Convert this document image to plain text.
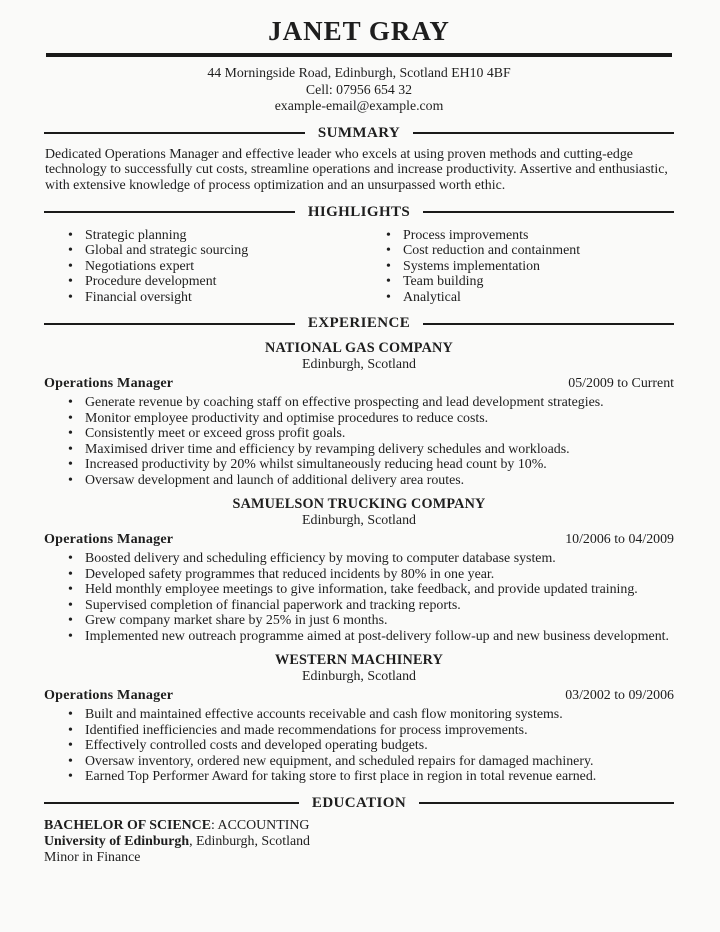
JANET GRAY
44 Morningside Road, Edinburgh, Scotland EH10 4BF
Cell: 07956 654 32
example-email@example.com
SUMMARY

Dedicated Operations Manager and effective leader who excels at using proven methods and cutting-edge technology to successfully cut costs, streamline operations and increase productivity. Assertive and enthusiastic, with extensive knowledge of process optimization and an unsurpassed worth ethic.

HIGHLIGHTS
• Strategic planning
• Global and strategic sourcing
• Negotiations expert
• Procedure development
• Financial oversight
• Process improvements
• Cost reduction and containment
• Systems implementation
• Team building
• Analytical
EXPERIENCE
NATIONAL GAS COMPANY
Edinburgh, Scotland
Operations Manager	05/2009 to Current
• Generate revenue by coaching staff on effective prospecting and lead development strategies.
• Monitor employee productivity and optimise procedures to reduce costs.
• Consistently meet or exceed gross profit goals.
• Maximised driver time and efficiency by revamping delivery schedules and workloads.
• Increased productivity by 20% whilst simultaneously reducing head count by 10%.
• Oversaw development and launch of additional delivery area routes.
SAMUELSON TRUCKING COMPANY
Edinburgh, Scotland
Operations Manager	10/2006 to 04/2009
• Boosted delivery and scheduling efficiency by moving to computer database system.
• Developed safety programmes that reduced incidents by 80% in one year.
• Held monthly employee meetings to give information, take feedback, and provide updated training.
• Supervised completion of financial paperwork and tracking reports.
• Grew company market share by 25% in just 6 months.
• Implemented new outreach programme aimed at post-delivery follow-up and new business development.
WESTERN MACHINERY
Edinburgh, Scotland
Operations Manager	03/2002 to 09/2006
• Built and maintained effective accounts receivable and cash flow monitoring systems.
• Identified inefficiencies and made recommendations for process improvements.
• Effectively controlled costs and developed operating budgets.
• Oversaw inventory, ordered new equipment, and scheduled repairs for damaged machinery.
• Earned Top Performer Award for taking store to first place in region in total revenue earned.
EDUCATION
BACHELOR OF SCIENCE: ACCOUNTING
University of Edinburgh, Edinburgh, Scotland
Minor in Finance
